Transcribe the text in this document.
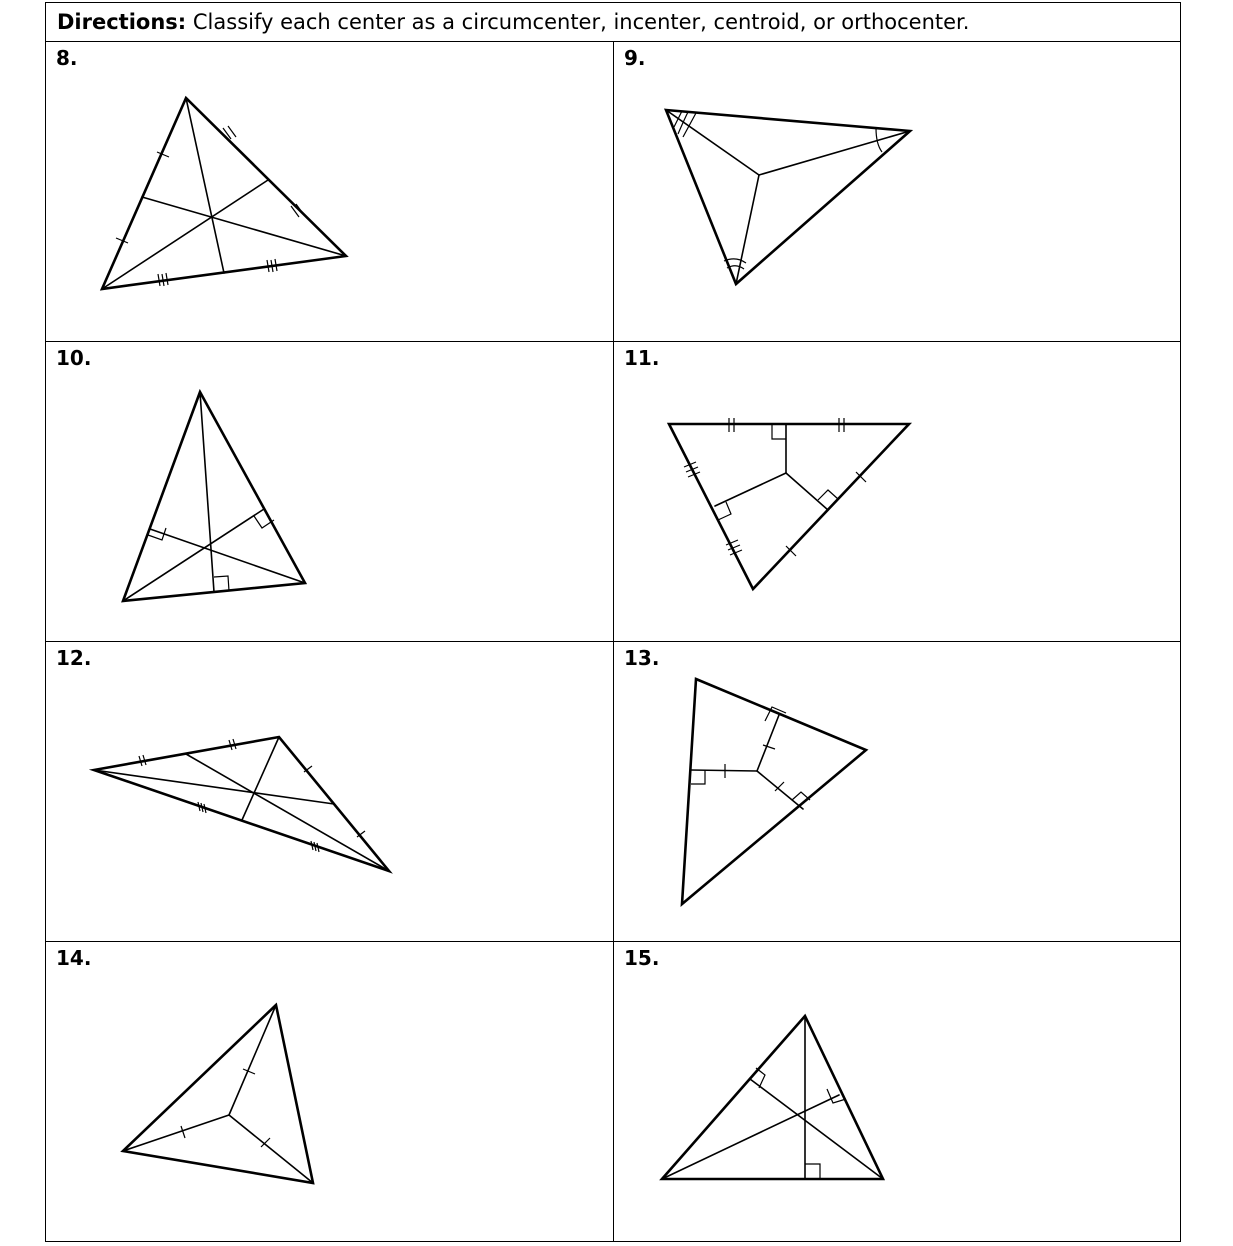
Directions: Classify each center as a circumcenter, incenter, centroid, or orthocenter.
8.	9.
10.	11.
12.	13.
14.	15.
